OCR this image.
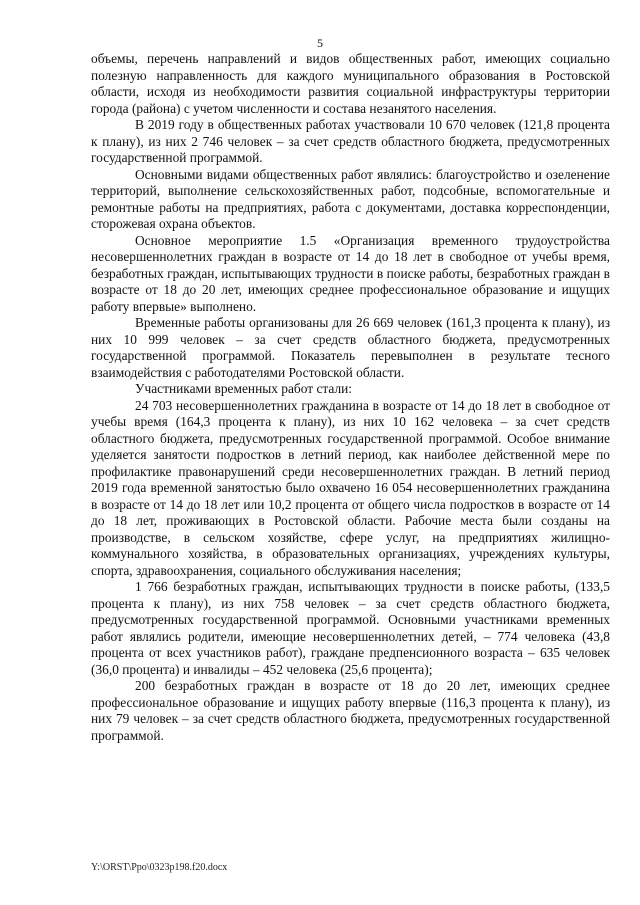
5

объемы, перечень направлений и видов общественных работ, имеющих социально полезную направленность для каждого муниципального образования в Ростовской области, исходя из необходимости развития социальной инфраструктуры территории города (района) с учетом численности и состава незанятого населения.

В 2019 году в общественных работах участвовали 10 670 человек (121,8 процента к плану), из них 2 746 человек – за счет средств областного бюджета, предусмотренных государственной программой.

Основными видами общественных работ являлись: благоустройство и озеленение территорий, выполнение сельскохозяйственных работ, подсобные, вспомогательные и ремонтные работы на предприятиях, работа с документами, доставка корреспонденции, сторожевая охрана объектов.

Основное мероприятие 1.5 «Организация временного трудоустройства несовершеннолетних граждан в возрасте от 14 до 18 лет в свободное от учебы время, безработных граждан, испытывающих трудности в поиске работы, безработных граждан в возрасте от 18 до 20 лет, имеющих среднее профессиональное образование и ищущих работу впервые» выполнено.

Временные работы организованы для 26 669 человек (161,3 процента к плану), из них 10 999 человек – за счет средств областного бюджета, предусмотренных государственной программой. Показатель перевыполнен в результате тесного взаимодействия с работодателями Ростовской области.

Участниками временных работ стали:

24 703 несовершеннолетних гражданина в возрасте от 14 до 18 лет в свободное от учебы время (164,3 процента к плану), из них 10 162 человека – за счет средств областного бюджета, предусмотренных государственной программой. Особое внимание уделяется занятости подростков в летний период, как наиболее действенной мере по профилактике правонарушений среди несовершеннолетних граждан. В летний период 2019 года временной занятостью было охвачено 16 054 несовершеннолетних гражданина в возрасте от 14 до 18 лет или 10,2 процента от общего числа подростков в возрасте от 14 до 18 лет, проживающих в Ростовской области. Рабочие места были созданы на производстве, в сельском хозяйстве, сфере услуг, на предприятиях жилищно-коммунального хозяйства, в образовательных организациях, учреждениях культуры, спорта, здравоохранения, социального обслуживания населения;

1 766 безработных граждан, испытывающих трудности в поиске работы, (133,5 процента к плану), из них 758 человек – за счет средств областного бюджета, предусмотренных государственной программой. Основными участниками временных работ являлись родители, имеющие несовершеннолетних детей, – 774 человека (43,8 процента от всех участников работ), граждане предпенсионного возраста – 635 человек (36,0 процента) и инвалиды – 452 человека (25,6 процента);

200 безработных граждан в возрасте от 18 до 20 лет, имеющих среднее профессиональное образование и ищущих работу впервые (116,3 процента к плану), из них 79 человек – за счет средств областного бюджета, предусмотренных государственной программой.

Y:\ORST\Ppo\0323p198.f20.docx
